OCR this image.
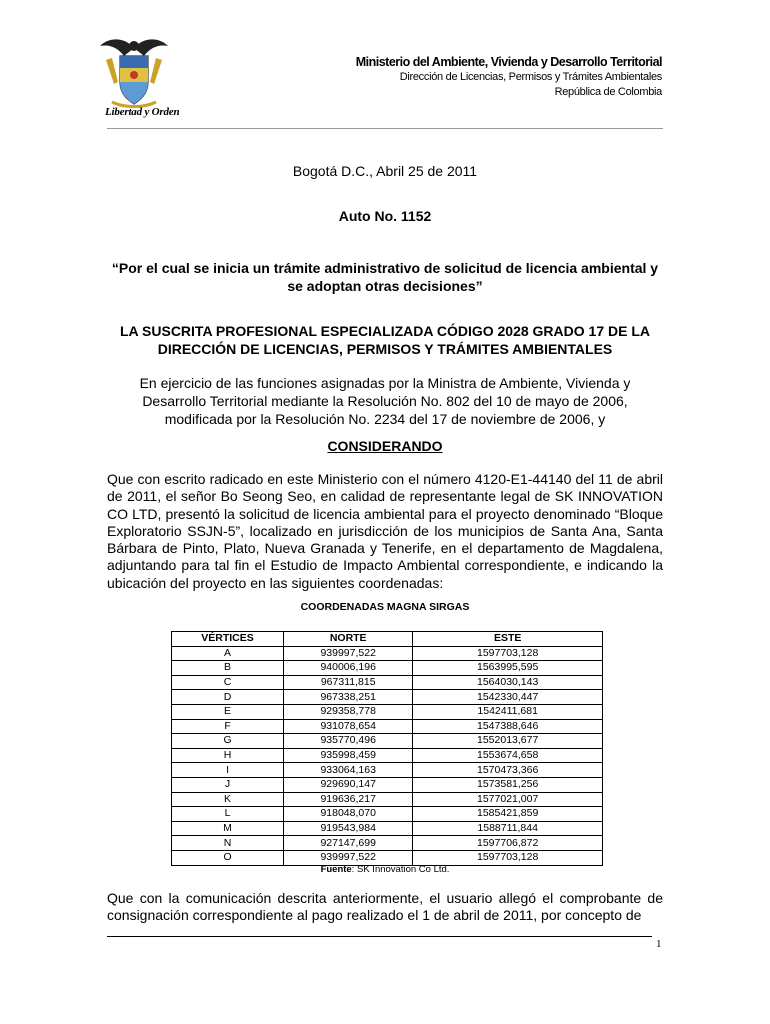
Libertad y Orden
Ministerio del Ambiente, Vivienda y Desarrollo Territorial
Dirección de Licencias, Permisos y Trámites Ambientales
República de Colombia
Bogotá D.C., Abril 25 de 2011
Auto No. 1152
“Por el cual se inicia un trámite administrativo de solicitud de licencia ambiental y se adoptan otras decisiones”
LA SUSCRITA PROFESIONAL ESPECIALIZADA CÓDIGO 2028 GRADO 17 DE LA DIRECCIÓN DE LICENCIAS, PERMISOS Y TRÁMITES AMBIENTALES
En ejercicio de las funciones asignadas por la Ministra de Ambiente, Vivienda y Desarrollo Territorial mediante la Resolución No. 802 del 10 de mayo de 2006, modificada por la Resolución No. 2234 del 17 de noviembre de 2006, y
CONSIDERANDO
Que con escrito radicado en este Ministerio con el número 4120-E1-44140 del 11 de abril de 2011, el señor Bo Seong Seo, en calidad de representante legal de SK INNOVATION CO LTD, presentó la solicitud de licencia ambiental para el proyecto denominado “Bloque Exploratorio SSJN-5”, localizado en jurisdicción de los municipios de Santa Ana, Santa Bárbara de Pinto, Plato, Nueva Granada y Tenerife, en el departamento de Magdalena, adjuntando para tal fin el Estudio de Impacto Ambiental correspondiente, e indicando la ubicación del proyecto en las siguientes coordenadas:
COORDENADAS MAGNA SIRGAS
VÉRTICES	NORTE	ESTE
A	939997,522	1597703,128
B	940006,196	1563995,595
C	967311,815	1564030,143
D	967338,251	1542330,447
E	929358,778	1542411,681
F	931078,654	1547388,646
G	935770,496	1552013,677
H	935998,459	1553674,658
I	933064,163	1570473,366
J	929690,147	1573581,256
K	919636,217	1577021,007
L	918048,070	1585421,859
M	919543,984	1588711,844
N	927147,699	1597706,872
O	939997,522	1597703,128
Fuente: SK Innovation Co Ltd.
Que con la comunicación descrita anteriormente, el usuario allegó el comprobante de consignación correspondiente al pago realizado el 1 de abril de 2011, por concepto de
1
